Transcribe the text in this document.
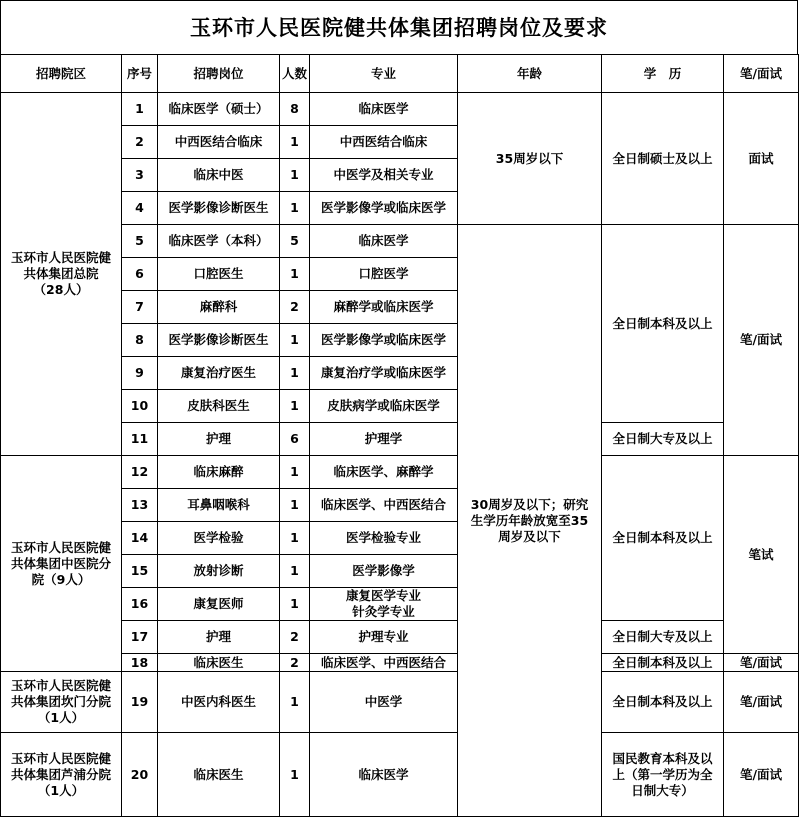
玉环市人民医院健共体集团招聘岗位及要求
招聘院区	序号	招聘岗位	人数	专业	年龄	学　历	笔/面试
玉环市人民医院健
共体集团总院
（28人）	1	临床医学（硕士）	8	临床医学	35周岁以下	全日制硕士及以上	面试
	2	中西医结合临床	1	中西医结合临床			
	3	临床中医	1	中医学及相关专业			
	4	医学影像诊断医生	1	医学影像学或临床医学			
	5	临床医学（本科）	5	临床医学	30周岁及以下；研究
生学历年龄放宽至35
周岁及以下	全日制本科及以上	笔/面试
	6	口腔医生	1	口腔医学			
	7	麻醉科	2	麻醉学或临床医学			
	8	医学影像诊断医生	1	医学影像学或临床医学			
	9	康复治疗医生	1	康复治疗学或临床医学			
	10	皮肤科医生	1	皮肤病学或临床医学			
	11	护理	6	护理学		全日制大专及以上	
玉环市人民医院健
共体集团中医院分
院（9人）	12	临床麻醉	1	临床医学、麻醉学		全日制本科及以上	笔试
	13	耳鼻咽喉科	1	临床医学、中西医结合			
	14	医学检验	1	医学检验专业			
	15	放射诊断	1	医学影像学			
	16	康复医师	1	康复医学专业
针灸学专业			
	17	护理	2	护理专业		全日制大专及以上	
	18	临床医生	2	临床医学、中西医结合		全日制本科及以上	笔/面试
玉环市人民医院健
共体集团坎门分院
（1人）	19	中医内科医生	1	中医学		全日制本科及以上	笔/面试
玉环市人民医院健
共体集团芦浦分院
（1人）	20	临床医生	1	临床医学		国民教育本科及以
上（第一学历为全
日制大专）	笔/面试
